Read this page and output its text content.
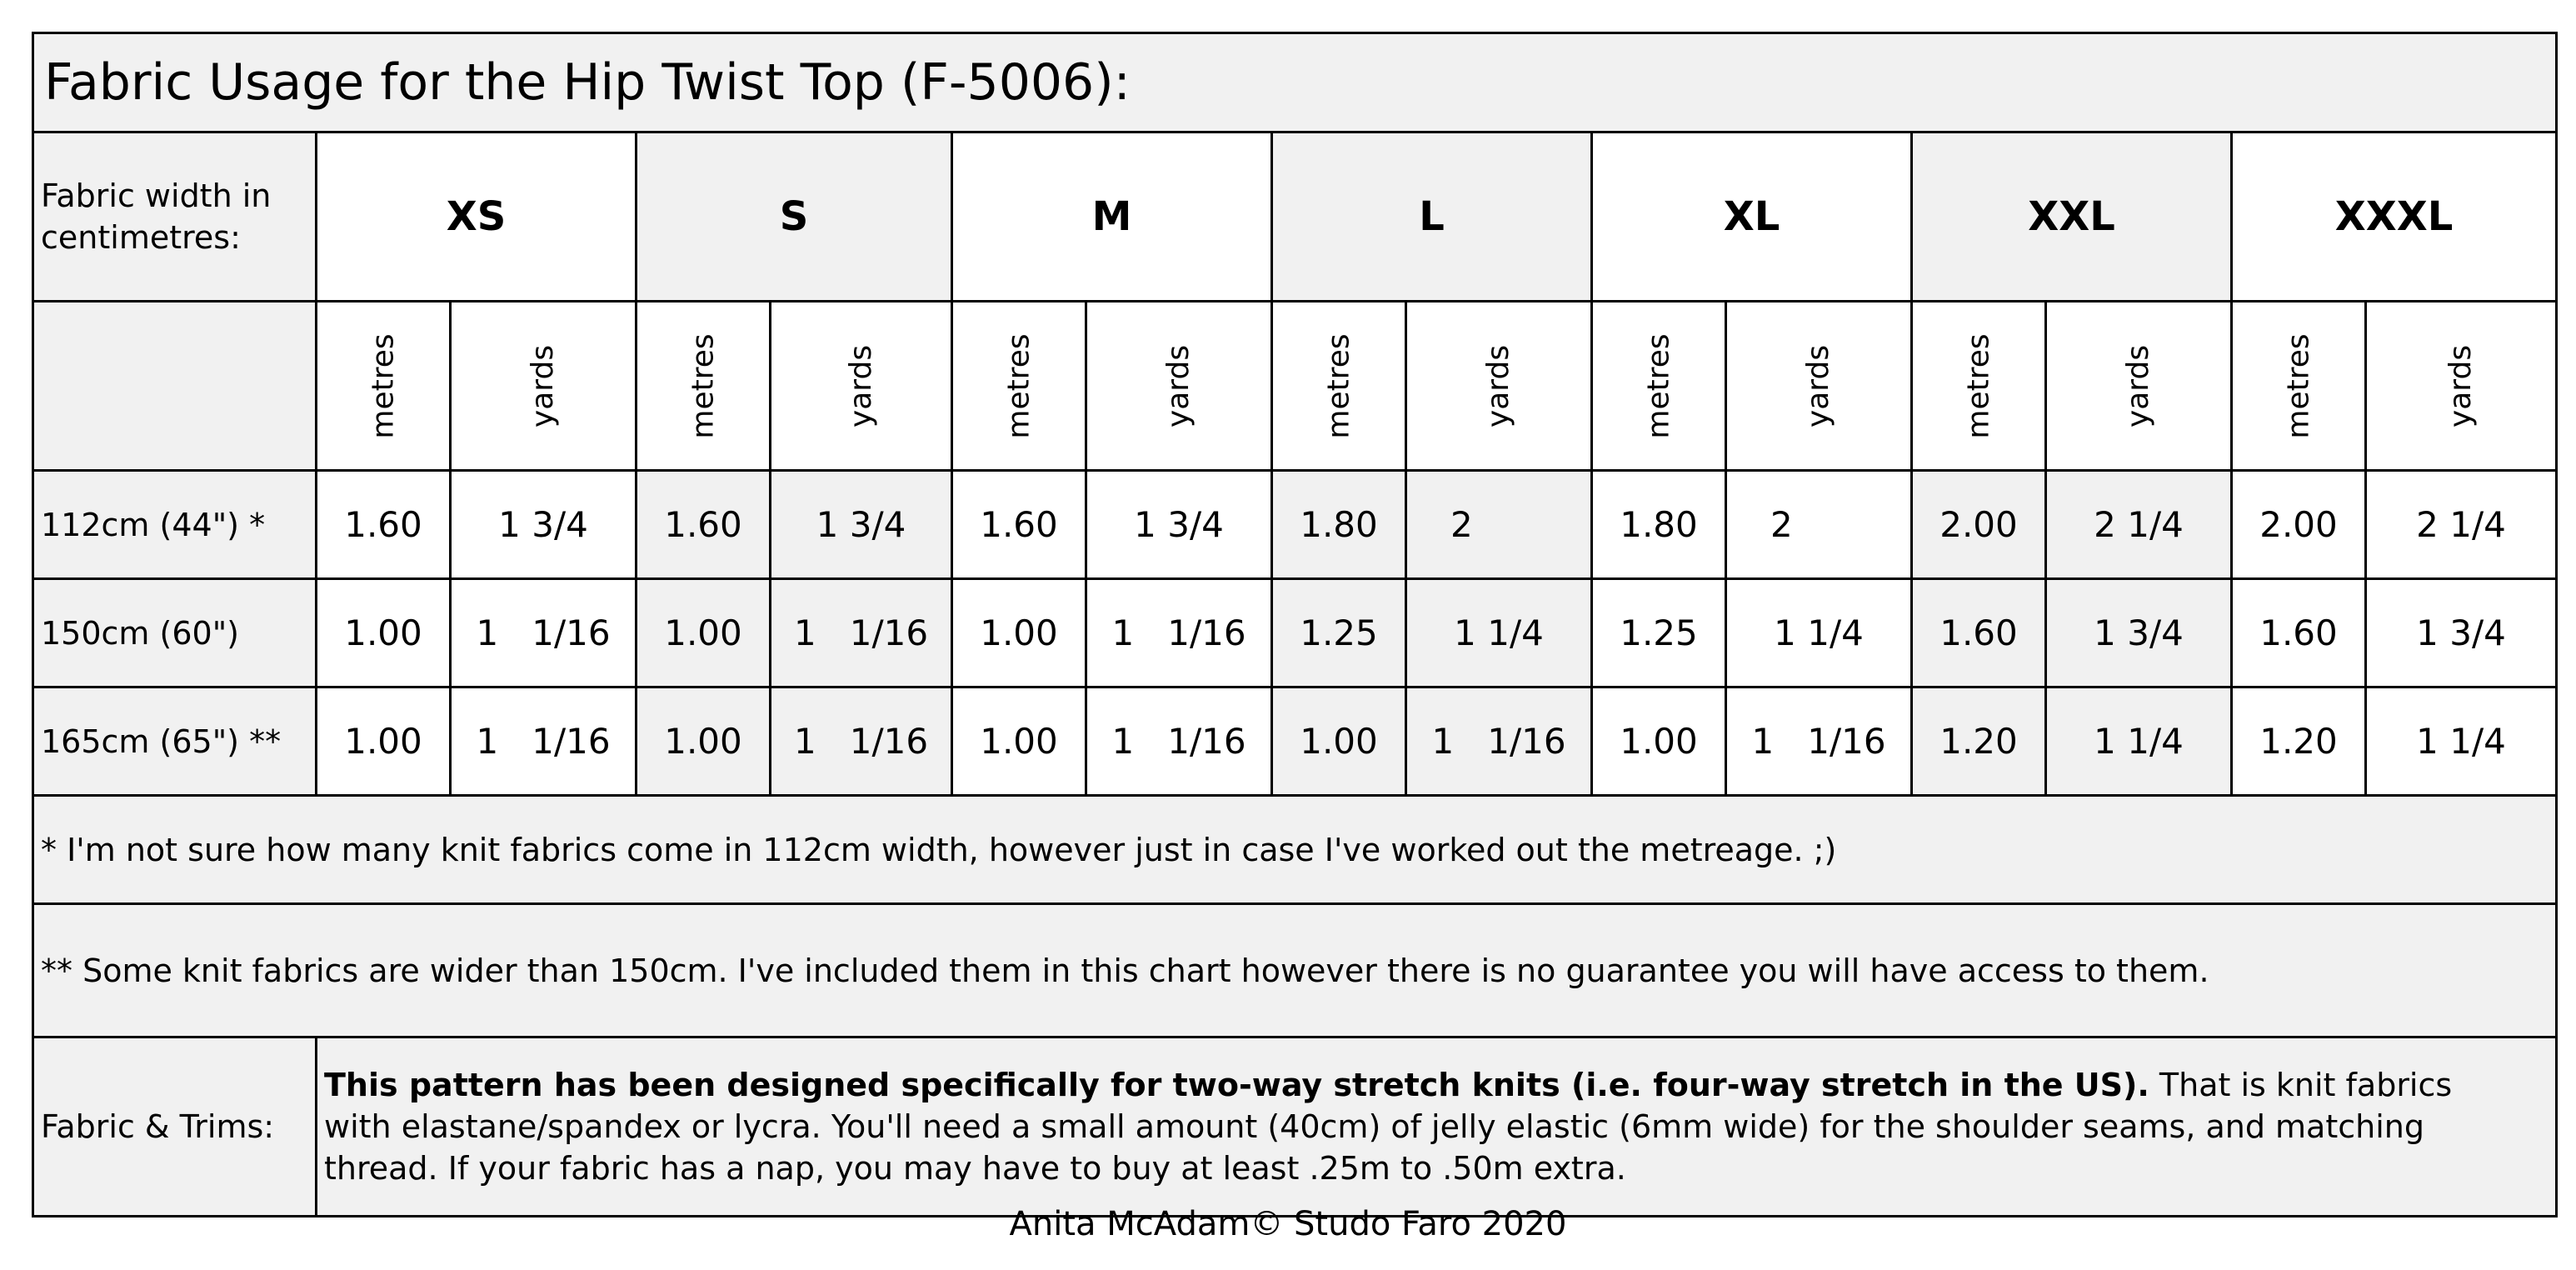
Fabric Usage for the Hip Twist Top (F-5006):														

Fabric width in
centimetres:	XS		S		M		L		XL		XXL		XXXL	
	metres	yards	metres	yards	metres	yards	metres	yards	metres	yards	metres	yards	metres	yards
112cm (44") *	1.60	1 3/4	1.60	1 3/4	1.60	1 3/4	1.80	2	1.80	2	2.00	2 1/4	2.00	2 1/4
150cm (60")	1.00	1   1/16	1.00	1   1/16	1.00	1   1/16	1.25	1 1/4	1.25	1 1/4	1.60	1 3/4	1.60	1 3/4
165cm (65") **	1.00	1   1/16	1.00	1   1/16	1.00	1   1/16	1.00	1   1/16	1.00	1   1/16	1.20	1 1/4	1.20	1 1/4
* I'm not sure how many knit fabrics come in 112cm width, however just in case I've worked out the metreage. ;)														
** Some knit fabrics are wider than 150cm. I've included them in this chart however there is no guarantee you will have access to them.														
Fabric & Trims:	This pattern has been designed specifically for two-way stretch knits (i.e. four-way stretch in the US). That is knit fabrics
with elastane/spandex or lycra. You'll need a small amount (40cm) of jelly elastic (6mm wide) for the shoulder seams, and matching
thread. If your fabric has a nap, you may have to buy at least .25m to .50m extra.													
Anita McAdam© Studo Faro 2020
